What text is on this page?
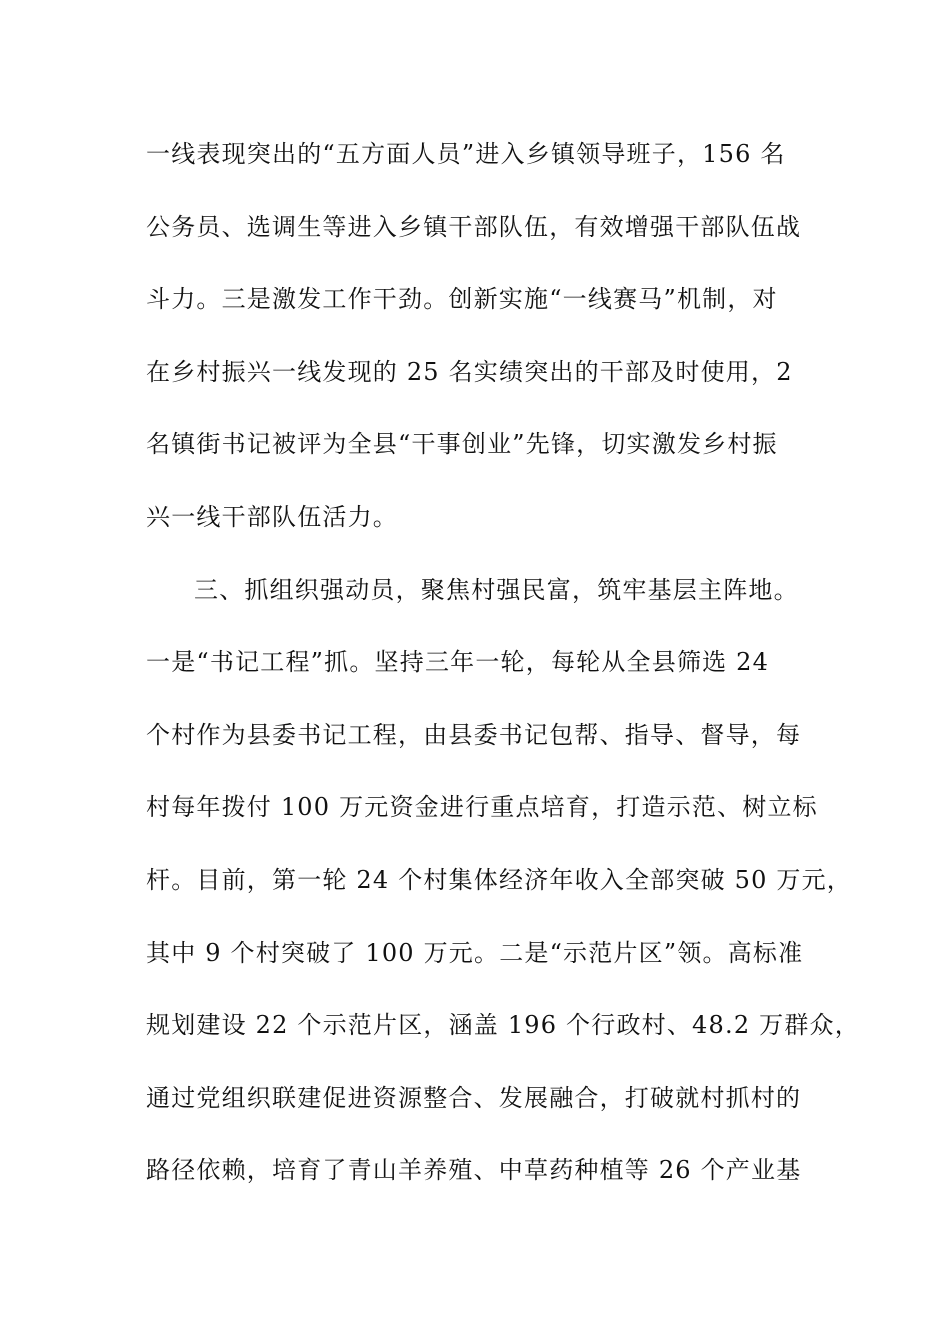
一线表现突出的“五方面人员”进入乡镇领导班子，156 名
公务员、选调生等进入乡镇干部队伍，有效增强干部队伍战
斗力。三是激发工作干劲。创新实施“一线赛马”机制，对
在乡村振兴一线发现的 25 名实绩突出的干部及时使用，2
名镇街书记被评为全县“干事创业”先锋，切实激发乡村振
兴一线干部队伍活力。
三、抓组织强动员，聚焦村强民富，筑牢基层主阵地。
一是“书记工程”抓。坚持三年一轮，每轮从全县筛选 24
个村作为县委书记工程，由县委书记包帮、指导、督导，每
村每年拨付 100 万元资金进行重点培育，打造示范、树立标
杆。目前，第一轮 24 个村集体经济年收入全部突破 50 万元，
其中 9 个村突破了 100 万元。二是“示范片区”领。高标准
规划建设 22 个示范片区，涵盖 196 个行政村、48.2 万群众，
通过党组织联建促进资源整合、发展融合，打破就村抓村的
路径依赖，培育了青山羊养殖、中草药种植等 26 个产业基
